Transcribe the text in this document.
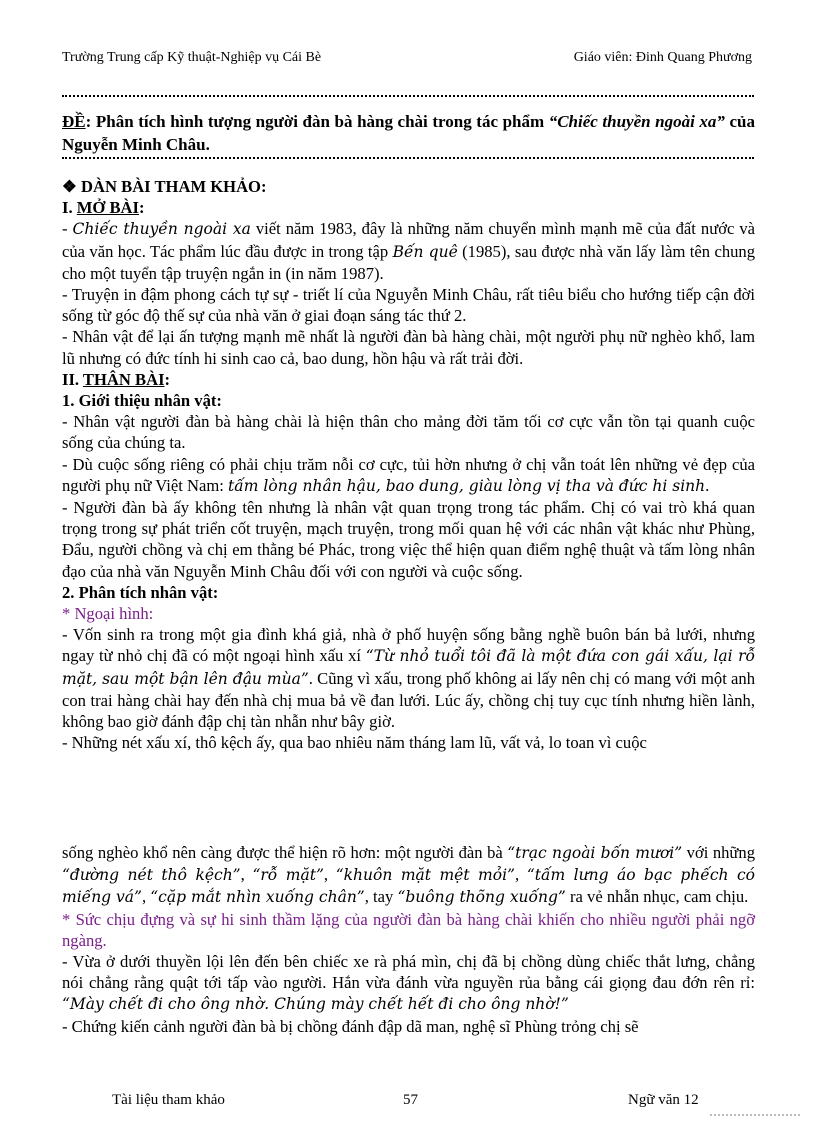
Trường Trung cấp Kỹ thuật-Nghiệp vụ Cái Bè	Giáo viên: Đinh Quang Phương
ĐỀ: Phân tích hình tượng người đàn bà hàng chài trong tác phẩm “Chiếc thuyền ngoài xa” của Nguyễn Minh Châu.

❖ DÀN BÀI THAM KHẢO:

I. MỞ BÀI:

- Chiếc thuyền ngoài xa viết năm 1983, đây là những năm chuyển mình mạnh mẽ của đất nước và của văn học. Tác phẩm lúc đầu được in trong tập Bến quê (1985), sau được nhà văn lấy làm tên chung cho một tuyển tập truyện ngắn in (in năm 1987).

- Truyện in đậm phong cách tự sự - triết lí của Nguyễn Minh Châu, rất tiêu biểu cho hướng tiếp cận đời sống từ góc độ thế sự của nhà văn ở giai đoạn sáng tác thứ 2.

- Nhân vật để lại ấn tượng mạnh mẽ nhất là người đàn bà hàng chài, một người phụ nữ nghèo khổ, lam lũ nhưng có đức tính hi sinh cao cả, bao dung, hồn hậu và rất trải đời.

II. THÂN BÀI:

1. Giới thiệu nhân vật:

- Nhân vật người đàn bà hàng chài là hiện thân cho mảng đời tăm tối cơ cực vẫn tồn tại quanh cuộc sống của chúng ta.

- Dù cuộc sống riêng có phải chịu trăm nỗi cơ cực, tủi hờn nhưng ở chị vẫn toát lên những vẻ đẹp của người phụ nữ Việt Nam: tấm lòng nhân hậu, bao dung, giàu lòng vị tha và đức hi sinh.

- Người đàn bà ấy không tên nhưng là nhân vật quan trọng trong tác phẩm. Chị có vai trò khá quan trọng trong sự phát triển cốt truyện, mạch truyện, trong mối quan hệ với các nhân vật khác như Phùng, Đẩu, người chồng và chị em thằng bé Phác, trong việc thể hiện quan điểm nghệ thuật và tấm lòng nhân đạo của nhà văn Nguyễn Minh Châu đối với con người và cuộc sống.

2. Phân tích nhân vật:

* Ngoại hình:

- Vốn sinh ra trong một gia đình khá giả, nhà ở phố huyện sống bằng nghề buôn bán bả lưới, nhưng ngay từ nhỏ chị đã có một ngoại hình xấu xí “Từ nhỏ tuổi tôi đã là một đứa con gái xấu, lại rỗ mặt, sau một bận lên đậu mùa”. Cũng vì xấu, trong phố không ai lấy nên chị có mang với một anh con trai hàng chài hay đến nhà chị mua bả về đan lưới. Lúc ấy, chồng chị tuy cục tính nhưng hiền lành, không bao giờ đánh đập chị tàn nhẫn như bây giờ.

- Những nét xấu xí, thô kệch ấy, qua bao nhiêu năm tháng lam lũ, vất vả, lo toan vì cuộc

sống nghèo khổ nên càng được thể hiện rõ hơn: một người đàn bà “trạc ngoài bốn mươi” với những “đường nét thô kệch”, “rỗ mặt”, “khuôn mặt mệt mỏi”, “tấm lưng áo bạc phếch có miếng vá”, “cặp mắt nhìn xuống chân”, tay “buông thõng xuống” ra vẻ nhẫn nhục, cam chịu.

* Sức chịu đựng và sự hi sinh thầm lặng của người đàn bà hàng chài khiến cho nhiều người phải ngỡ ngàng.

- Vừa ở dưới thuyền lội lên đến bên chiếc xe rà phá mìn, chị đã bị chồng dùng chiếc thắt lưng, chẳng nói chẳng rằng quật tới tấp vào người. Hắn vừa đánh vừa nguyền rủa bằng cái giọng đau đớn rên rỉ: “Mày chết đi cho ông nhờ. Chúng mày chết hết đi cho ông nhờ!”

- Chứng kiến cảnh người đàn bà bị chồng đánh đập dã man, nghệ sĩ Phùng trỏng chị sẽ

Tài liệu tham khảo	57	Ngữ văn 12
